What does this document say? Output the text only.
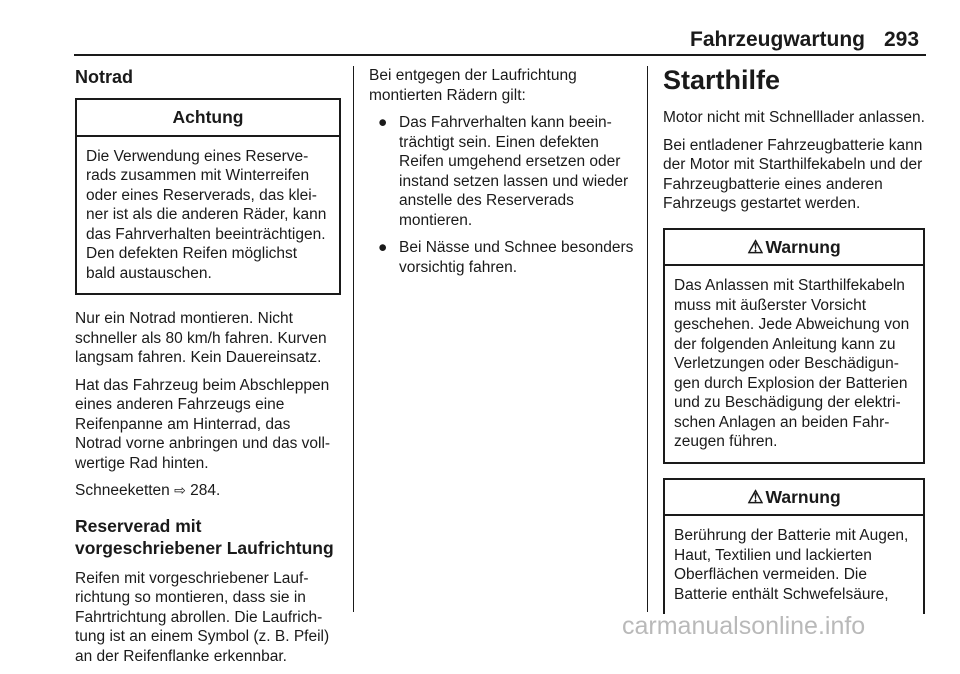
Fahrzeugwartung 293
Notrad
Achtung
Die Verwendung eines Reserverads zusammen mit Winterreifen oder eines Reserverads, das kleiner ist als die anderen Räder, kann das Fahrverhalten beeinträchtigen. Den defekten Reifen möglichst bald austauschen.

Nur ein Notrad montieren. Nicht schneller als 80 km/h fahren. Kurven langsam fahren. Kein Dauereinsatz.

Hat das Fahrzeug beim Abschleppen eines anderen Fahrzeugs eine Reifenpanne am Hinterrad, das Notrad vorne anbringen und das vollwertige Rad hinten.

Schneeketten ⇨ 284.

Reserverad mit vorgeschriebener Laufrichtung

Reifen mit vorgeschriebener Laufrichtung so montieren, dass sie in Fahrtrichtung abrollen. Die Laufrichtung ist an einem Symbol (z. B. Pfeil) an der Reifenflanke erkennbar.

Bei entgegen der Laufrichtung montierten Rädern gilt:

● Das Fahrverhalten kann beeinträchtigt sein. Einen defekten Reifen umgehend ersetzen oder instand setzen lassen und wieder anstelle des Reserverads montieren.
● Bei Nässe und Schnee besonders vorsichtig fahren.
Starthilfe

Motor nicht mit Schnelllader anlassen.

Bei entladener Fahrzeugbatterie kann der Motor mit Starthilfekabeln und der Fahrzeugbatterie eines anderen Fahrzeugs gestartet werden.

⚠ Warnung
Das Anlassen mit Starthilfekabeln muss mit äußerster Vorsicht geschehen. Jede Abweichung von der folgenden Anleitung kann zu Verletzungen oder Beschädigungen durch Explosion der Batterien und zu Beschädigung der elektrischen Anlagen an beiden Fahrzeugen führen.
⚠ Warnung
Berührung der Batterie mit Augen, Haut, Textilien und lackierten Oberflächen vermeiden. Die Batterie enthält Schwefelsäure,
carmanualsonline.info
